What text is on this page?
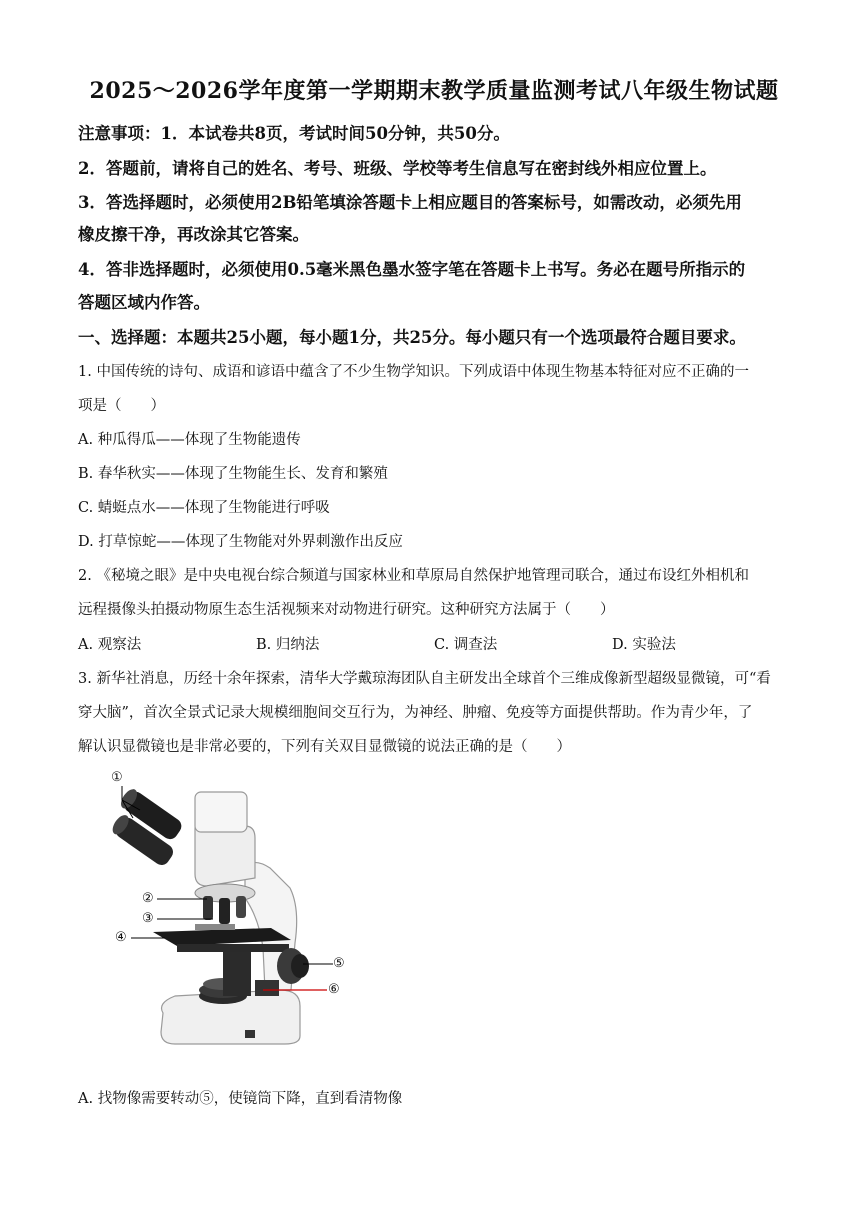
2025～2026学年度第一学期期末教学质量监测考试八年级生物试题
注意事项：1．本试卷共8页，考试时间50分钟，共50分。
2．答题前，请将自己的姓名、考号、班级、学校等考生信息写在密封线外相应位置上。
3．答选择题时，必须使用2B铅笔填涂答题卡上相应题目的答案标号，如需改动，必须先用
橡皮擦干净，再改涂其它答案。
4．答非选择题时，必须使用0.5毫米黑色墨水签字笔在答题卡上书写。务必在题号所指示的
答题区域内作答。
一、选择题：本题共25小题，每小题1分，共25分。每小题只有一个选项最符合题目要求。
1. 中国传统的诗句、成语和谚语中蕴含了不少生物学知识。下列成语中体现生物基本特征对应不正确的一
项是（　　）
A. 种瓜得瓜——体现了生物能遗传
B. 春华秋实——体现了生物能生长、发育和繁殖
C. 蜻蜓点水——体现了生物能进行呼吸
D. 打草惊蛇——体现了生物能对外界刺激作出反应
2. 《秘境之眼》是中央电视台综合频道与国家林业和草原局自然保护地管理司联合，通过布设红外相机和
远程摄像头拍摄动物原生态生活视频来对动物进行研究。这种研究方法属于（　　）
A. 观察法	B. 归纳法	C. 调查法	D. 实验法
3. 新华社消息，历经十余年探索，清华大学戴琼海团队自主研发出全球首个三维成像新型超级显微镜，可“看
穿大脑”，首次全景式记录大规模细胞间交互行为，为神经、肿瘤、免疫等方面提供帮助。作为青少年，了
解认识显微镜也是非常必要的，下列有关双目显微镜的说法正确的是（　　）
①
②
③
④
⑤
⑥
A. 找物像需要转动⑤，使镜筒下降，直到看清物像
